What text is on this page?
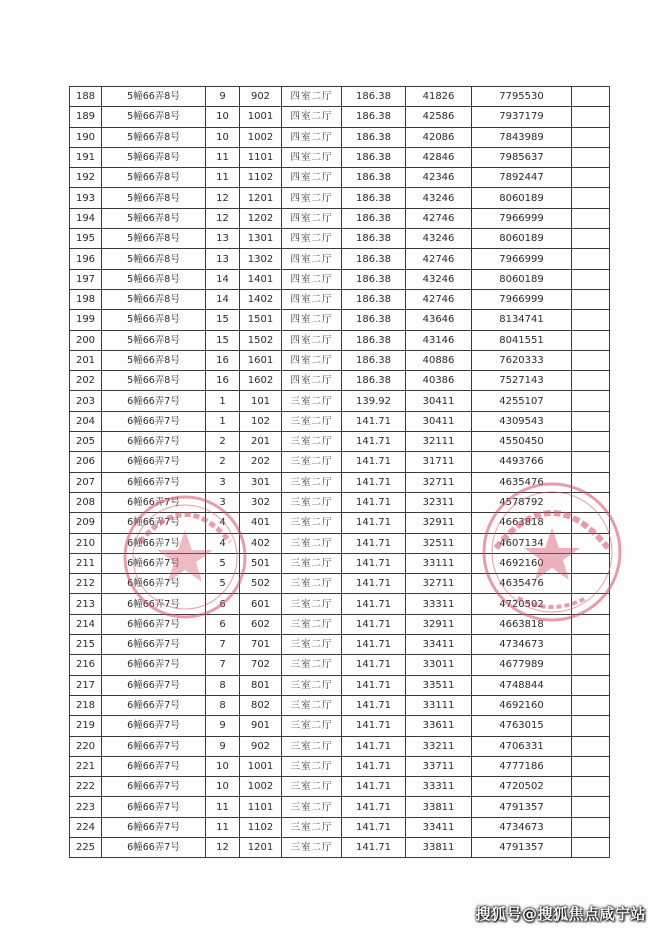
188	5幢66弄8号	9	902	四室二厅	186.38	41826	7795530	
189	5幢66弄8号	10	1001	四室二厅	186.38	42586	7937179	
190	5幢66弄8号	10	1002	四室二厅	186.38	42086	7843989	
191	5幢66弄8号	11	1101	四室二厅	186.38	42846	7985637	
192	5幢66弄8号	11	1102	四室二厅	186.38	42346	7892447	
193	5幢66弄8号	12	1201	四室二厅	186.38	43246	8060189	
194	5幢66弄8号	12	1202	四室二厅	186.38	42746	7966999	
195	5幢66弄8号	13	1301	四室二厅	186.38	43246	8060189	
196	5幢66弄8号	13	1302	四室二厅	186.38	42746	7966999	
197	5幢66弄8号	14	1401	四室二厅	186.38	43246	8060189	
198	5幢66弄8号	14	1402	四室二厅	186.38	42746	7966999	
199	5幢66弄8号	15	1501	四室二厅	186.38	43646	8134741	
200	5幢66弄8号	15	1502	四室二厅	186.38	43146	8041551	
201	5幢66弄8号	16	1601	四室二厅	186.38	40886	7620333	
202	5幢66弄8号	16	1602	四室二厅	186.38	40386	7527143	
203	6幢66弄7号	1	101	三室二厅	139.92	30411	4255107	
204	6幢66弄7号	1	102	三室二厅	141.71	30411	4309543	
205	6幢66弄7号	2	201	三室二厅	141.71	32111	4550450	
206	6幢66弄7号	2	202	三室二厅	141.71	31711	4493766	
207	6幢66弄7号	3	301	三室二厅	141.71	32711	4635476	
208	6幢66弄7号	3	302	三室二厅	141.71	32311	4578792	
209	6幢66弄7号	4	401	三室二厅	141.71	32911	4663818	
210	6幢66弄7号	4	402	三室二厅	141.71	32511	4607134	
211	6幢66弄7号	5	501	三室二厅	141.71	33111	4692160	
212	6幢66弄7号	5	502	三室二厅	141.71	32711	4635476	
213	6幢66弄7号	6	601	三室二厅	141.71	33311	4720502	
214	6幢66弄7号	6	602	三室二厅	141.71	32911	4663818	
215	6幢66弄7号	7	701	三室二厅	141.71	33411	4734673	
216	6幢66弄7号	7	702	三室二厅	141.71	33011	4677989	
217	6幢66弄7号	8	801	三室二厅	141.71	33511	4748844	
218	6幢66弄7号	8	802	三室二厅	141.71	33111	4692160	
219	6幢66弄7号	9	901	三室二厅	141.71	33611	4763015	
220	6幢66弄7号	9	902	三室二厅	141.71	33211	4706331	
221	6幢66弄7号	10	1001	三室二厅	141.71	33711	4777186	
222	6幢66弄7号	10	1002	三室二厅	141.71	33311	4720502	
223	6幢66弄7号	11	1101	三室二厅	141.71	33811	4791357	
224	6幢66弄7号	11	1102	三室二厅	141.71	33411	4734673	
225	6幢66弄7号	12	1201	三室二厅	141.71	33811	4791357	
搜狐号@搜狐焦点咸宁站
